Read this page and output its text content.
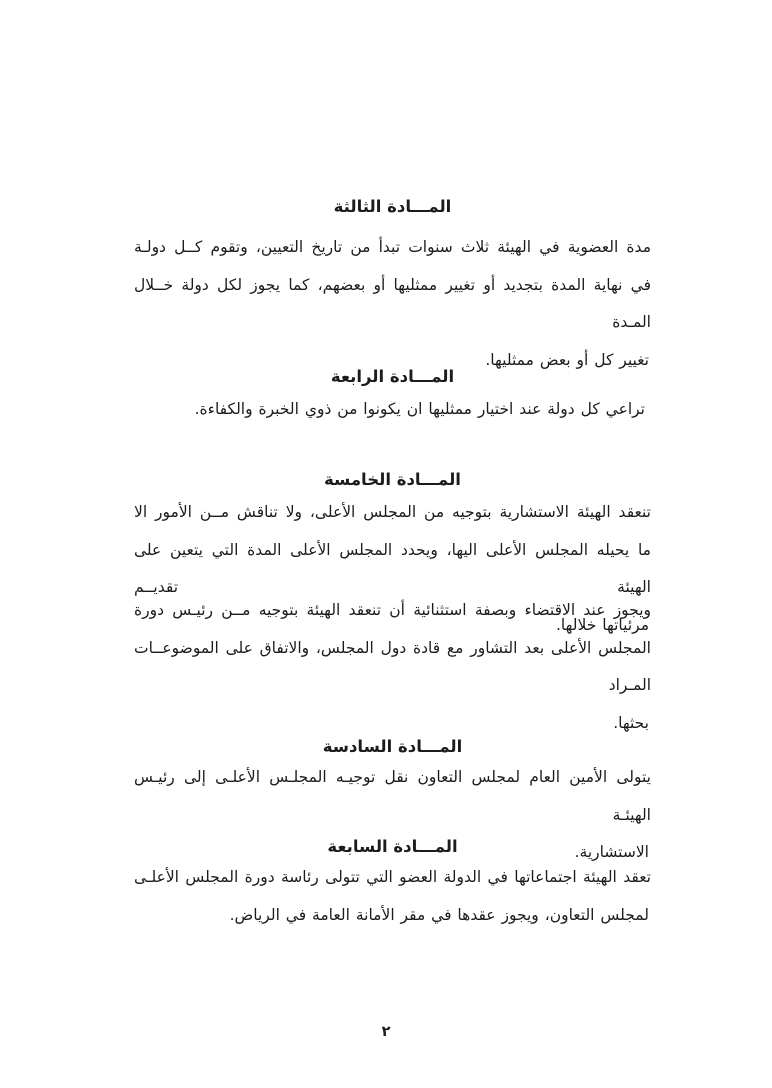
المـــادة الثالثة
مدة العضوية في الهيئة ثلاث سنوات تبدأ من تاريخ التعيين، وتقوم كــل دولـة
في نهاية المدة بتجديد أو تغيير ممثليها أو بعضهم، كما يجوز لكل دولة خــلال المـدة
تغيير كل أو بعض ممثليها.
المـــادة الرابعة
تراعي كل دولة عند اختيار ممثليها ان يكونوا من ذوي الخبرة والكفاءة.
المـــادة الخامسة
تنعقد الهيئة الاستشارية بتوجيه من المجلس الأعلى، ولا تناقش مــن الأمور الا
ما يحيله المجلس الأعلى اليها، ويحدد المجلس الأعلى المدة التي يتعين على الهيئة تقديــم
مرئياتها خلالها.
ويجوز عند الاقتضاء وبصفة استثنائية أن تنعقد الهيئة بتوجيه مــن رئيـس دورة
المجلس الأعلى بعد التشاور مع قادة دول المجلس، والاتفاق على الموضوعــات المـراد
بحثها.
المـــادة السادسة
يتولى الأمين العام لمجلس التعاون نقل توجيـه المجلـس الأعلـى إلى رئيـس الهيئـة
الاستشارية.
المـــادة السابعة
تعقد الهيئة اجتماعاتها في الدولة العضو التي تتولى رئاسة دورة المجلس الأعلـى
لمجلس التعاون، ويجوز عقدها في مقر الأمانة العامة في الرياض.
٢
